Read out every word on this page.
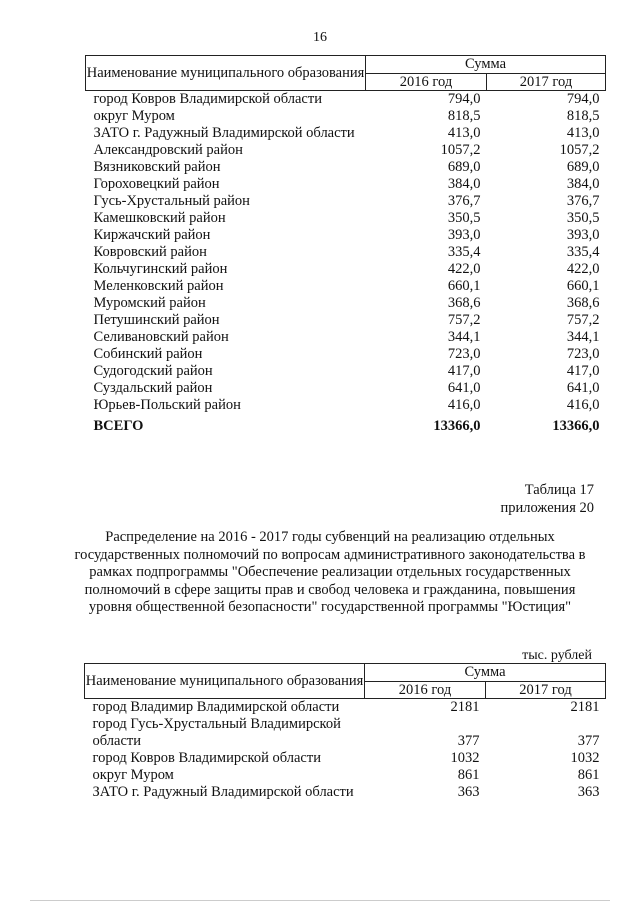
16
Наименование муниципального образования	Сумма	
	2016 год	2017 год
город Ковров Владимирской области	794,0	794,0
округ Муром	818,5	818,5
ЗАТО г. Радужный Владимирской области	413,0	413,0
Александровский район	1057,2	1057,2
Вязниковский район	689,0	689,0
Гороховецкий район	384,0	384,0
Гусь-Хрустальный район	376,7	376,7
Камешковский район	350,5	350,5
Киржачский район	393,0	393,0
Ковровский район	335,4	335,4
Кольчугинский район	422,0	422,0
Меленковский район	660,1	660,1
Муромский район	368,6	368,6
Петушинский район	757,2	757,2
Селивановский район	344,1	344,1
Собинский район	723,0	723,0
Судогодский район	417,0	417,0
Суздальский район	641,0	641,0
Юрьев-Польский район	416,0	416,0
ВСЕГО	13366,0	13366,0
Таблица 17
приложения 20
Распределение на 2016 - 2017 годы субвенций на реализацию отдельных государственных полномочий по вопросам административного законодательства в рамках подпрограммы "Обеспечение реализации отдельных государственных полномочий в сфере защиты прав и свобод человека и гражданина, повышения уровня общественной безопасности" государственной программы "Юстиция"
тыс. рублей
Наименование муниципального образования	Сумма	
	2016 год	2017 год
город Владимир Владимирской области	2181	2181
город Гусь-Хрустальный Владимирской области	377	377
город Ковров Владимирской области	1032	1032
округ Муром	861	861
ЗАТО г. Радужный Владимирской области	363	363
